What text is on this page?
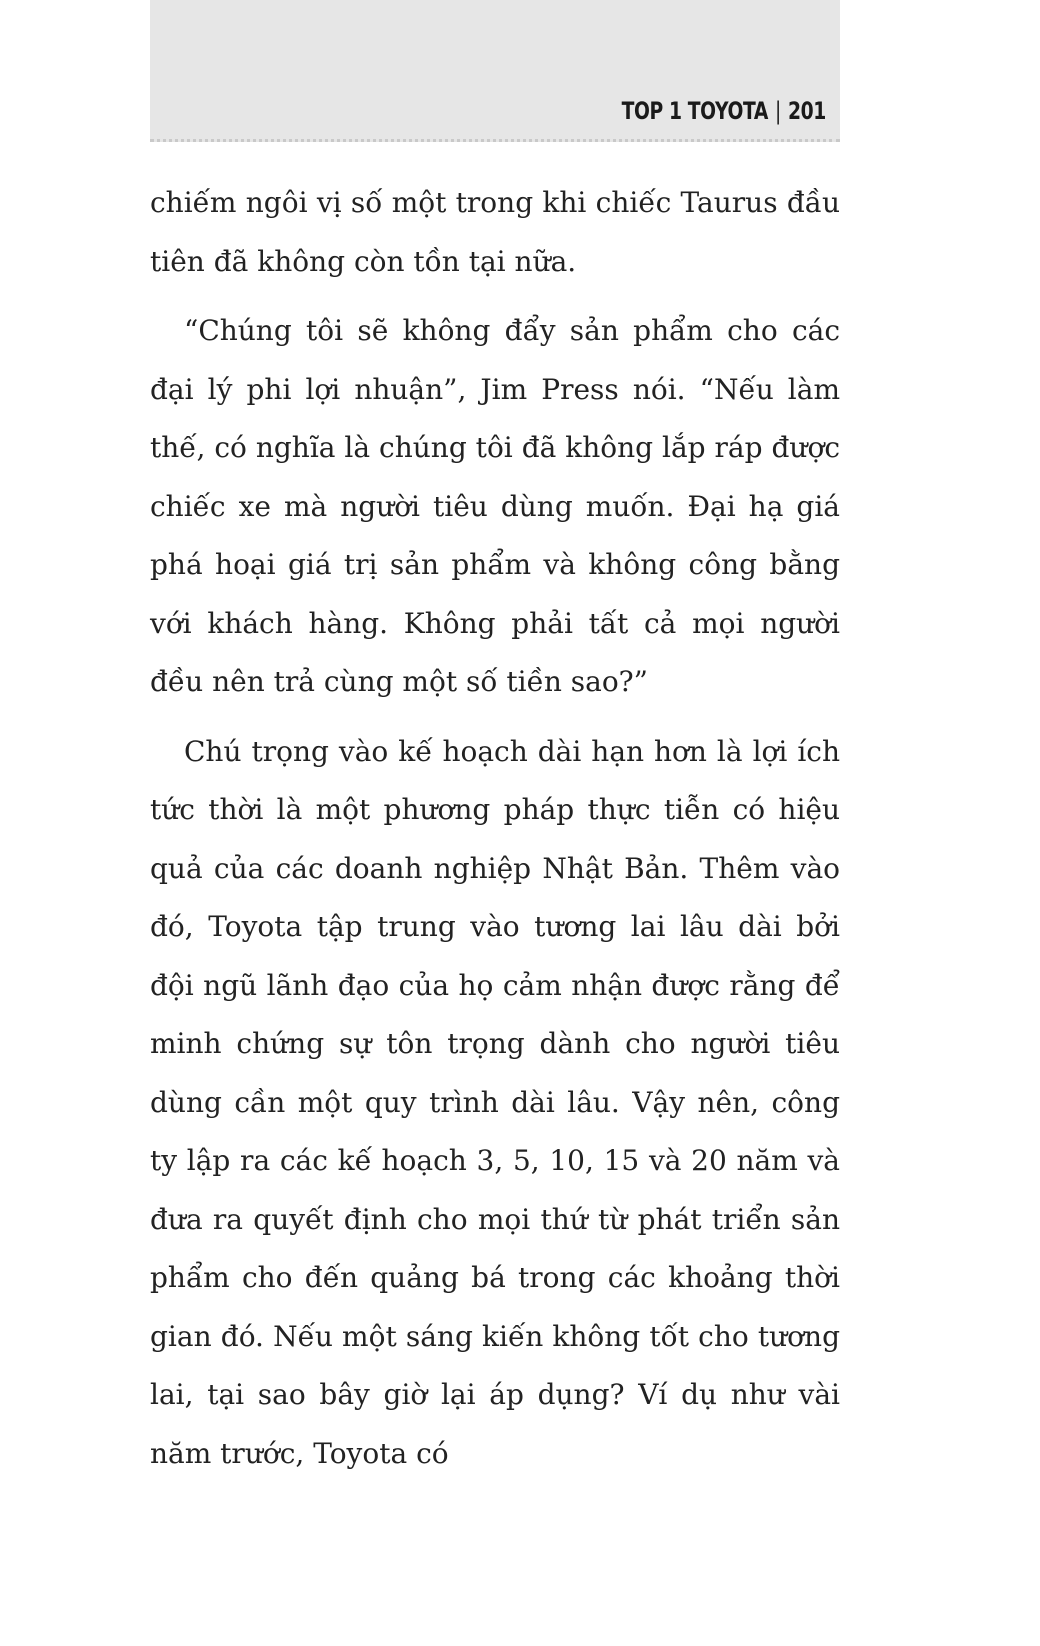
TOP 1 TOYOTA | 201

chiếm ngôi vị số một trong khi chiếc Taurus đầu tiên đã không còn tồn tại nữa.

“Chúng tôi sẽ không đẩy sản phẩm cho các đại lý phi lợi nhuận”, Jim Press nói. “Nếu làm thế, có nghĩa là chúng tôi đã không lắp ráp được chiếc xe mà người tiêu dùng muốn. Đại hạ giá phá hoại giá trị sản phẩm và không công bằng với khách hàng. Không phải tất cả mọi người đều nên trả cùng một số tiền sao?”

Chú trọng vào kế hoạch dài hạn hơn là lợi ích tức thời là một phương pháp thực tiễn có hiệu quả của các doanh nghiệp Nhật Bản. Thêm vào đó, Toyota tập trung vào tương lai lâu dài bởi đội ngũ lãnh đạo của họ cảm nhận được rằng để minh chứng sự tôn trọng dành cho người tiêu dùng cần một quy trình dài lâu. Vậy nên, công ty lập ra các kế hoạch 3, 5, 10, 15 và 20 năm và đưa ra quyết định cho mọi thứ từ phát triển sản phẩm cho đến quảng bá trong các khoảng thời gian đó. Nếu một sáng kiến không tốt cho tương lai, tại sao bây giờ lại áp dụng? Ví dụ như vài năm trước, Toyota có
